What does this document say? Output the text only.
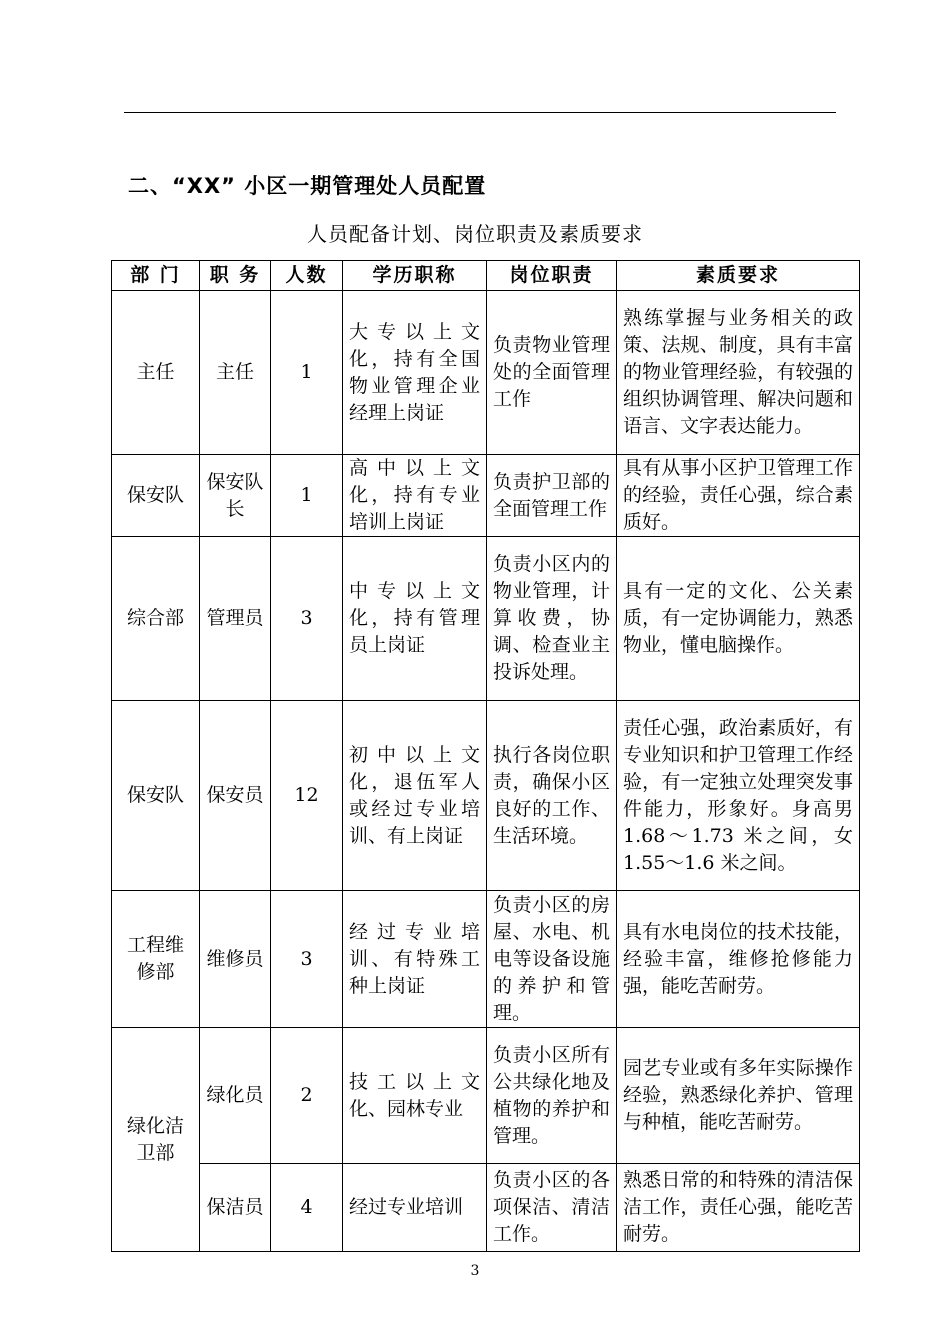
二、“XX” 小区一期管理处人员配置
人员配备计划、岗位职责及素质要求
部 门	职 务	人数	学历职称	岗位职责	素质要求
主任	主任	1	大专以上文化，持有全国物业管理企业经理上岗证	负责物业管理处的全面管理工作	熟练掌握与业务相关的政策、法规、制度，具有丰富的物业管理经验，有较强的组织协调管理、解决问题和语言、文字表达能力。
保安队	保安队长	1	高中以上文化，持有专业培训上岗证	负责护卫部的全面管理工作	具有从事小区护卫管理工作的经验，责任心强，综合素质好。
综合部	管理员	3	中专以上文化，持有管理员上岗证	负责小区内的物业管理，计算收费，协调、检查业主投诉处理。	具有一定的文化、公关素质，有一定协调能力，熟悉物业，懂电脑操作。
保安队	保安员	12	初中以上文化，退伍军人或经过专业培训、有上岗证	执行各岗位职责，确保小区良好的工作、生活环境。	责任心强，政治素质好，有专业知识和护卫管理工作经验，有一定独立处理突发事件能力，形象好。身高男 1.68～1.73 米之间，女 1.55～1.6 米之间。
工程维修部	维修员	3	经过专业培训、有特殊工种上岗证	负责小区的房屋、水电、机电等设备设施的养护和管理。	具有水电岗位的技术技能，经验丰富，维修抢修能力强，能吃苦耐劳。
绿化洁卫部	绿化员	2	技工以上文化、园林专业	负责小区所有公共绿化地及植物的养护和管理。	园艺专业或有多年实际操作经验，熟悉绿化养护、管理与种植，能吃苦耐劳。
	保洁员	4	经过专业培训	负责小区的各项保洁、清洁工作。	熟悉日常的和特殊的清洁保洁工作，责任心强，能吃苦耐劳。
3
